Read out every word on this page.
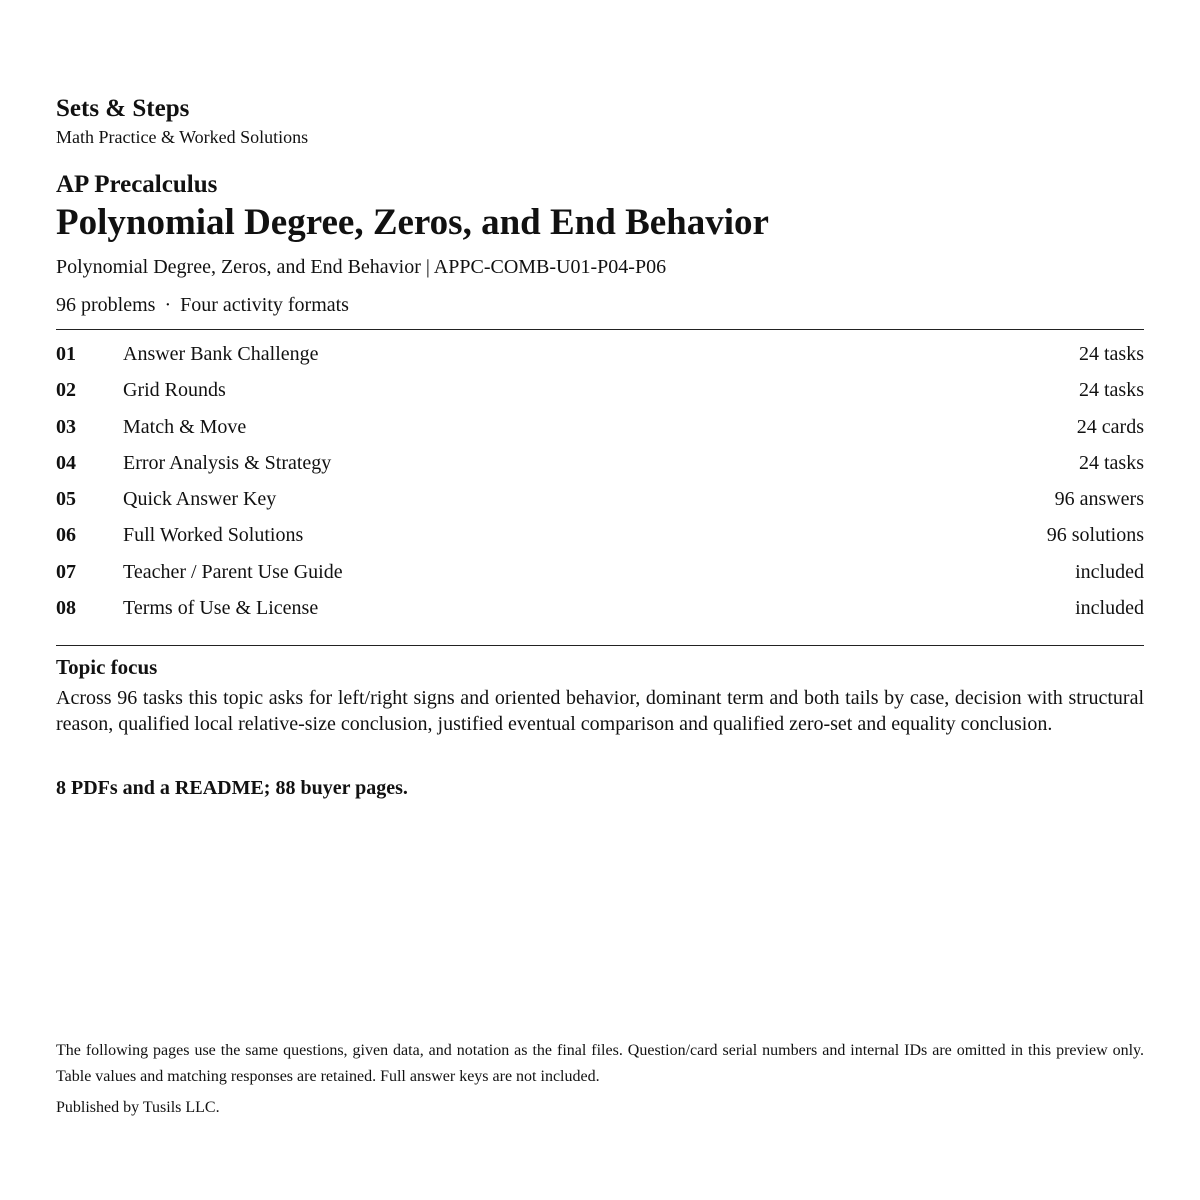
Sets & Steps
Math Practice & Worked Solutions
AP Precalculus
Polynomial Degree, Zeros, and End Behavior
Polynomial Degree, Zeros, and End Behavior | APPC-COMB-U01-P04-P06
96 problems · Four activity formats
01 Answer Bank Challenge	24 tasks
02 Grid Rounds	24 tasks
03 Match & Move	24 cards
04 Error Analysis & Strategy	24 tasks
05 Quick Answer Key	96 answers
06 Full Worked Solutions	96 solutions
07 Teacher / Parent Use Guide	included
08 Terms of Use & License	included
Topic focus

Across 96 tasks this topic asks for left/right signs and oriented behavior, dominant term and both tails by case, decision with structural reason, qualified local relative-size conclusion, justified eventual comparison and qualified zero-set and equality conclusion.

8 PDFs and a README; 88 buyer pages.

The following pages use the same questions, given data, and notation as the final files. Question/card serial numbers and internal IDs are omitted in this preview only. Table values and matching responses are retained. Full answer keys are not included.

Published by Tusils LLC.
